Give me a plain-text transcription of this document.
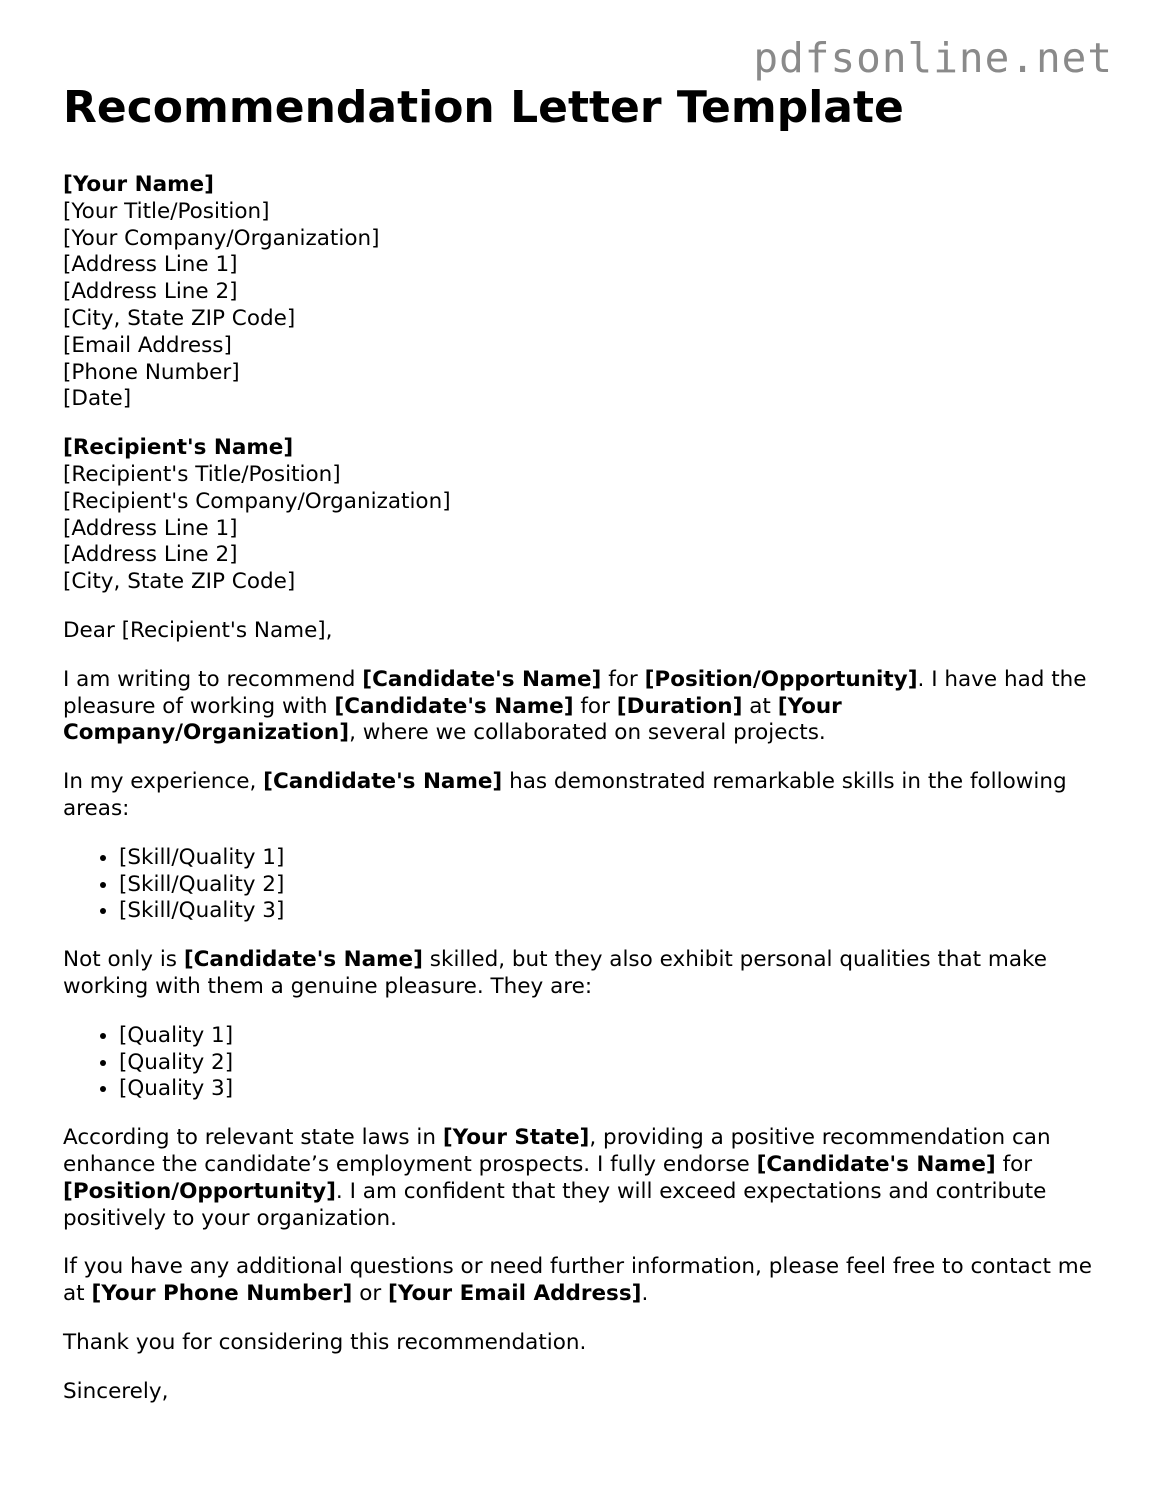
pdfsonline.net
Recommendation Letter Template
[Your Name]
[Your Title/Position]
[Your Company/Organization]
[Address Line 1]
[Address Line 2]
[City, State ZIP Code]
[Email Address]
[Phone Number]
[Date]
[Recipient's Name]
[Recipient's Title/Position]
[Recipient's Company/Organization]
[Address Line 1]
[Address Line 2]
[City, State ZIP Code]

Dear [Recipient's Name],

I am writing to recommend [Candidate's Name] for [Position/Opportunity]. I have had the pleasure of working with [Candidate's Name] for [Duration] at [Your Company/Organization], where we collaborated on several projects.

In my experience, [Candidate's Name] has demonstrated remarkable skills in the following areas:

• [Skill/Quality 1]
• [Skill/Quality 2]
• [Skill/Quality 3]

Not only is [Candidate's Name] skilled, but they also exhibit personal qualities that make working with them a genuine pleasure. They are:

• [Quality 1]
• [Quality 2]
• [Quality 3]

According to relevant state laws in [Your State], providing a positive recommendation can enhance the candidate’s employment prospects. I fully endorse [Candidate's Name] for [Position/Opportunity]. I am confident that they will exceed expectations and contribute positively to your organization.

If you have any additional questions or need further information, please feel free to contact me at [Your Phone Number] or [Your Email Address].

Thank you for considering this recommendation.

Sincerely,
